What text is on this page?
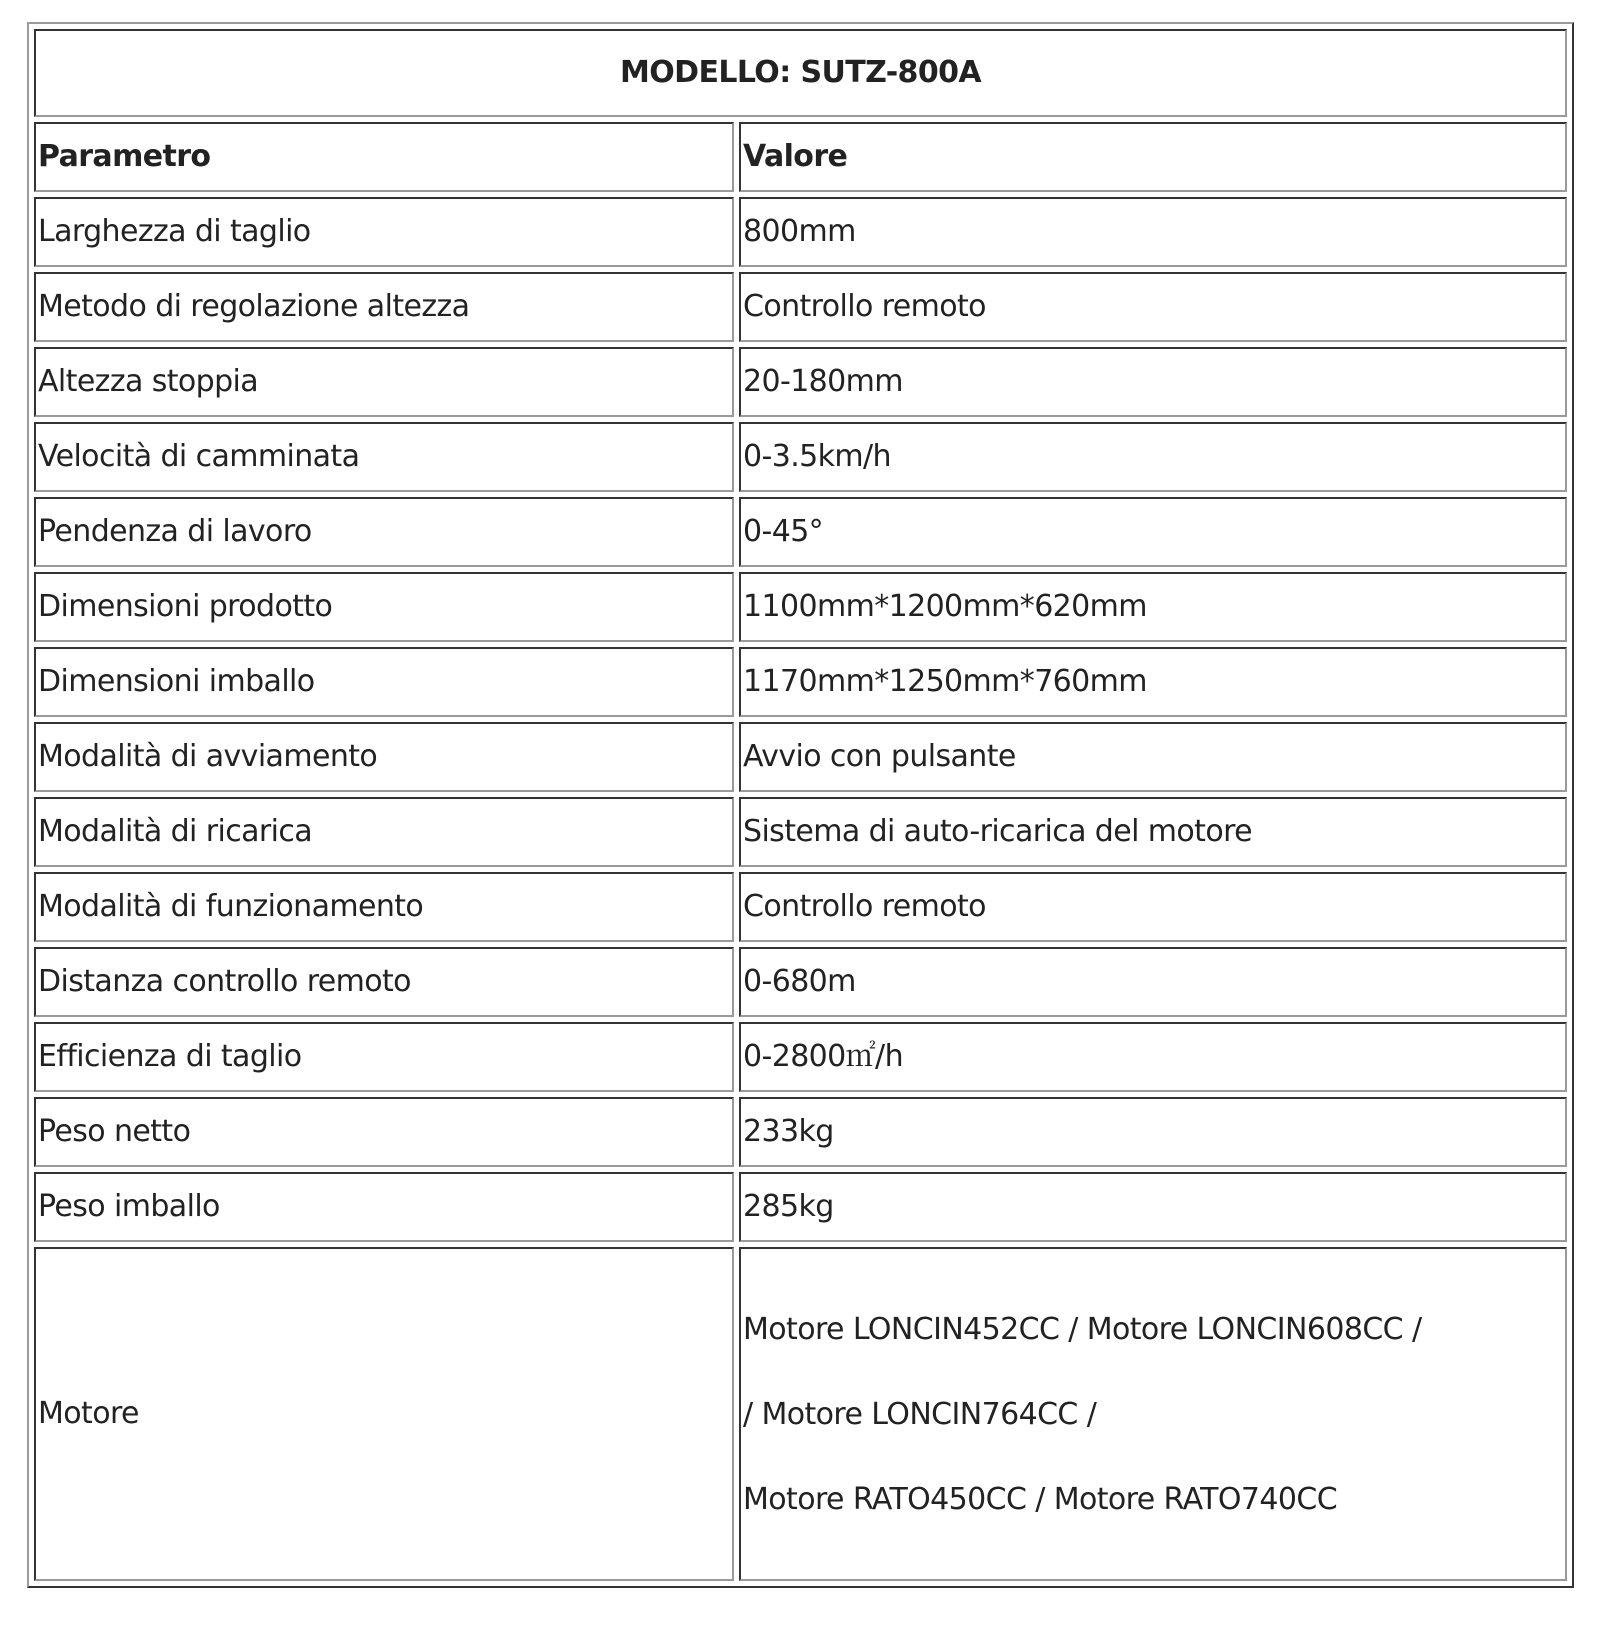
MODELLO: SUTZ-800A	
Parametro	Valore
Larghezza di taglio	800mm
Metodo di regolazione altezza	Controllo remoto
Altezza stoppia	20-180mm
Velocità di camminata	0-3.5km/h
Pendenza di lavoro	0-45°
Dimensioni prodotto	1100mm*1200mm*620mm
Dimensioni imballo	1170mm*1250mm*760mm
Modalità di avviamento	Avvio con pulsante
Modalità di ricarica	Sistema di auto-ricarica del motore
Modalità di funzionamento	Controllo remoto
Distanza controllo remoto	0-680m
Efficienza di taglio	0-2800㎡/h
Peso netto	233kg
Peso imballo	285kg
Motore	Motore LONCIN452CC / Motore LONCIN608CC /
/ Motore LONCIN764CC /
Motore RATO450CC / Motore RATO740CC
